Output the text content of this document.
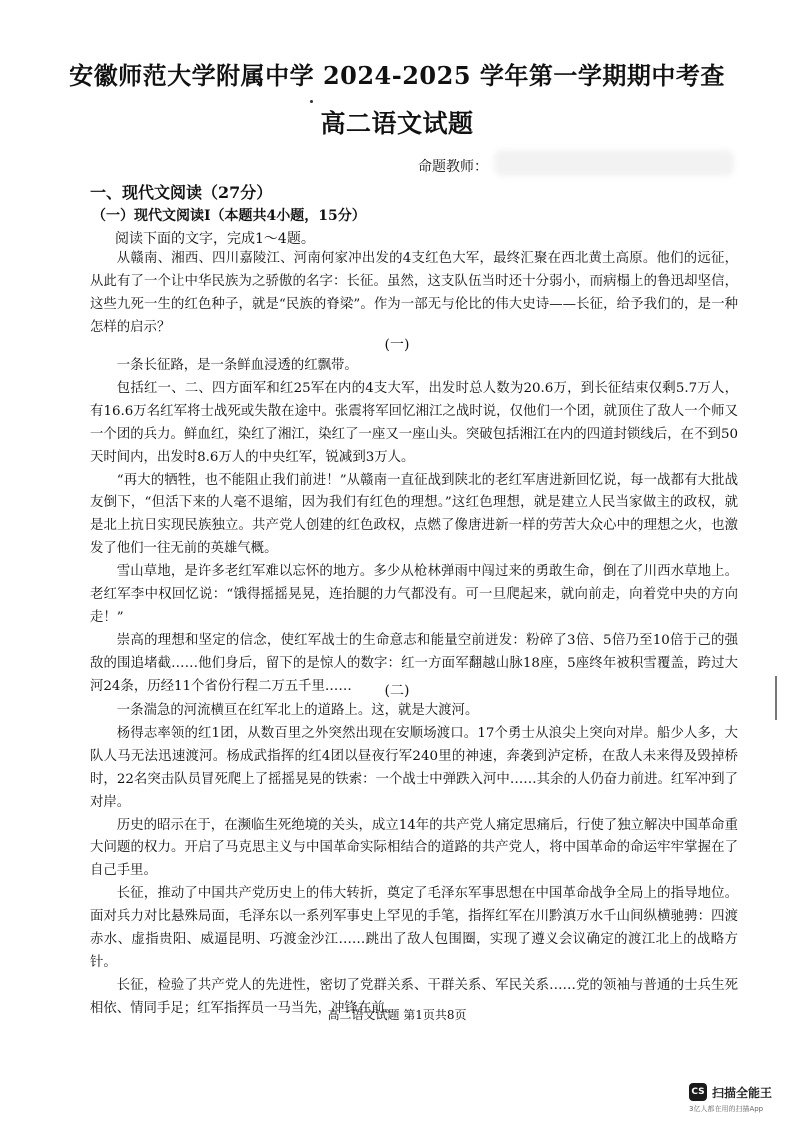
安徽师范大学附属中学 2024-2025 学年第一学期期中考查
高二语文试题
命题教师：
一、现代文阅读（27分）
（一）现代文阅读Ⅰ（本题共4小题，15分）
阅读下面的文字，完成1～4题。

从赣南、湘西、四川嘉陵江、河南何家冲出发的4支红色大军，最终汇聚在西北黄土高原。他们的远征，从此有了一个让中华民族为之骄傲的名字：长征。虽然，这支队伍当时还十分弱小，而病榻上的鲁迅却坚信，这些九死一生的红色种子，就是“民族的脊梁”。作为一部无与伦比的伟大史诗——长征，给予我们的，是一种怎样的启示？

(一)

一条长征路，是一条鲜血浸透的红飘带。

包括红一、二、四方面军和红25军在内的4支大军，出发时总人数为20.6万，到长征结束仅剩5.7万人，有16.6万名红军将士战死或失散在途中。张震将军回忆湘江之战时说，仅他们一个团，就顶住了敌人一个师又一个团的兵力。鲜血红，染红了湘江，染红了一座又一座山头。突破包括湘江在内的四道封锁线后，在不到50天时间内，出发时8.6万人的中央红军，锐减到3万人。

“再大的牺牲，也不能阻止我们前进！”从赣南一直征战到陕北的老红军唐进新回忆说，每一战都有大批战友倒下，“但活下来的人毫不退缩，因为我们有红色的理想。”这红色理想，就是建立人民当家做主的政权，就是北上抗日实现民族独立。共产党人创建的红色政权，点燃了像唐进新一样的劳苦大众心中的理想之火，也激发了他们一往无前的英雄气概。

雪山草地，是许多老红军难以忘怀的地方。多少从枪林弹雨中闯过来的勇敢生命，倒在了川西水草地上。老红军李中权回忆说：“饿得摇摇晃晃，连抬腿的力气都没有。可一旦爬起来，就向前走，向着党中央的方向走！”

崇高的理想和坚定的信念，使红军战士的生命意志和能量空前迸发：粉碎了3倍、5倍乃至10倍于己的强敌的围追堵截……他们身后，留下的是惊人的数字：红一方面军翻越山脉18座，5座终年被积雪覆盖，跨过大河24条，历经11个省份行程二万五千里……	(二)

一条湍急的河流横亘在红军北上的道路上。这，就是大渡河。

杨得志率领的红1团，从数百里之外突然出现在安顺场渡口。17个勇士从浪尖上突向对岸。船少人多，大队人马无法迅速渡河。杨成武指挥的红4团以昼夜行军240里的神速，奔袭到泸定桥，在敌人未来得及毁掉桥时，22名突击队员冒死爬上了摇摇晃晃的铁索：一个战士中弹跌入河中……其余的人仍奋力前进。红军冲到了对岸。

历史的昭示在于，在濒临生死绝境的关头，成立14年的共产党人痛定思痛后，行使了独立解决中国革命重大问题的权力。开启了马克思主义与中国革命实际相结合的道路的共产党人，将中国革命的命运牢牢掌握在了自己手里。

长征，推动了中国共产党历史上的伟大转折，奠定了毛泽东军事思想在中国革命战争全局上的指导地位。面对兵力对比悬殊局面，毛泽东以一系列军事史上罕见的手笔，指挥红军在川黔滇万水千山间纵横驰骋：四渡赤水、虚指贵阳、威逼昆明、巧渡金沙江……跳出了敌人包围圈，实现了遵义会议确定的渡江北上的战略方针。

长征，检验了共产党人的先进性，密切了党群关系、干群关系、军民关系……党的领袖与普通的士兵生死相依、情同手足；红军指挥员一马当先，冲锋在前。

高二语文试题 第1页共8页
CS 扫描全能王
3亿人都在用的扫描App
